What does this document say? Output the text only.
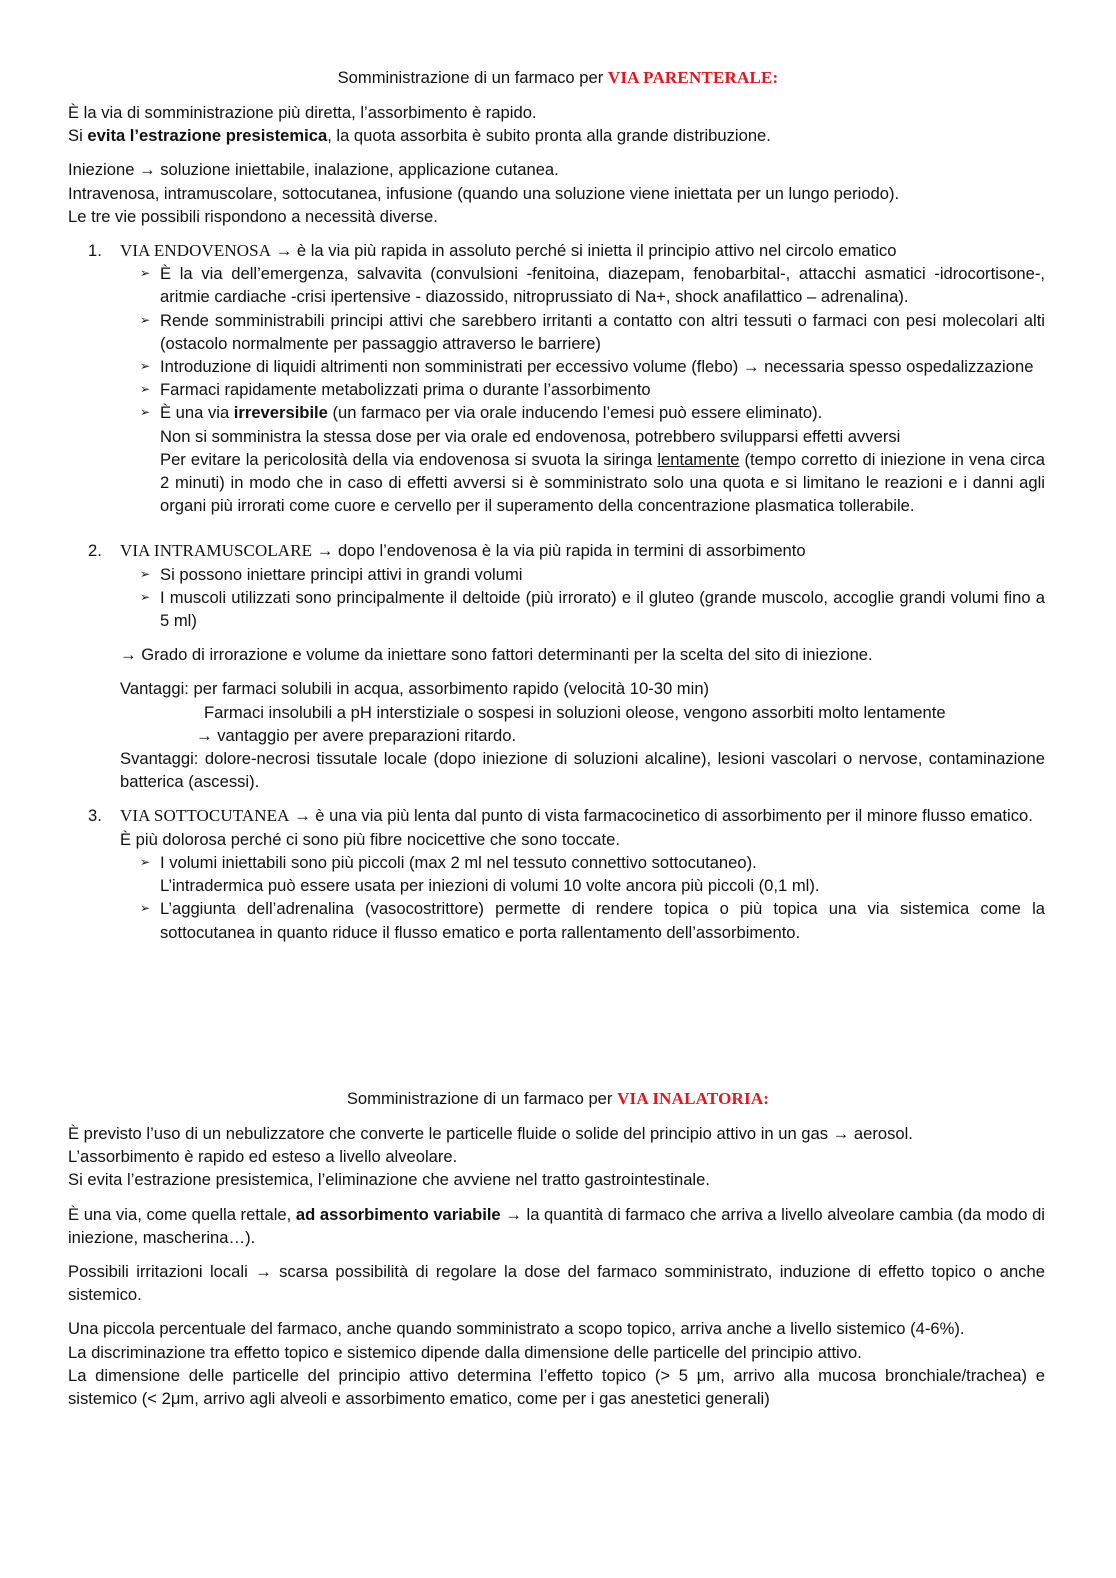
Somministrazione di un farmaco per VIA PARENTERALE:

È la via di somministrazione più diretta, l’assorbimento è rapido.

Si evita l’estrazione presistemica, la quota assorbita è subito pronta alla grande distribuzione.

Iniezione → soluzione iniettabile, inalazione, applicazione cutanea.

Intravenosa, intramuscolare, sottocutanea, infusione (quando una soluzione viene iniettata per un lungo periodo).

Le tre vie possibili rispondono a necessità diverse.

1. VIA ENDOVENOSA → è la via più rapida in assoluto perché si inietta il principio attivo nel circolo ematico
➢ È la via dell’emergenza, salvavita (convulsioni -fenitoina, diazepam, fenobarbital-, attacchi asmatici -idrocortisone-, aritmie cardiache -crisi ipertensive - diazossido, nitroprussiato di Na+, shock anafilattico – adrenalina).
➢ Rende somministrabili principi attivi che sarebbero irritanti a contatto con altri tessuti o farmaci con pesi molecolari alti (ostacolo normalmente per passaggio attraverso le barriere)
➢ Introduzione di liquidi altrimenti non somministrati per eccessivo volume (flebo) → necessaria spesso ospedalizzazione
➢ Farmaci rapidamente metabolizzati prima o durante l’assorbimento
➢ È una via irreversibile (un farmaco per via orale inducendo l’emesi può essere eliminato).
Non si somministra la stessa dose per via orale ed endovenosa, potrebbero svilupparsi effetti avversi
Per evitare la pericolosità della via endovenosa si svuota la siringa lentamente (tempo corretto di iniezione in vena circa 2 minuti) in modo che in caso di effetti avversi si è somministrato solo una quota e si limitano le reazioni e i danni agli organi più irrorati come cuore e cervello per il superamento della concentrazione plasmatica tollerabile.
2. VIA INTRAMUSCOLARE → dopo l’endovenosa è la via più rapida in termini di assorbimento
➢ Si possono iniettare principi attivi in grandi volumi
➢ I muscoli utilizzati sono principalmente il deltoide (più irrorato) e il gluteo (grande muscolo, accoglie grandi volumi fino a 5 ml)
→ Grado di irrorazione e volume da iniettare sono fattori determinanti per la scelta del sito di iniezione.
Vantaggi: per farmaci solubili in acqua, assorbimento rapido (velocità 10-30 min)
Farmaci insolubili a pH interstiziale o sospesi in soluzioni oleose, vengono assorbiti molto lentamente
→ vantaggio per avere preparazioni ritardo.
Svantaggi: dolore-necrosi tissutale locale (dopo iniezione di soluzioni alcaline), lesioni vascolari o nervose, contaminazione batterica (ascessi).
3. VIA SOTTOCUTANEA → è una via più lenta dal punto di vista farmacocinetico di assorbimento per il minore flusso ematico.
È più dolorosa perché ci sono più fibre nocicettive che sono toccate.
➢ I volumi iniettabili sono più piccoli (max 2 ml nel tessuto connettivo sottocutaneo).
L’intradermica può essere usata per iniezioni di volumi 10 volte ancora più piccoli (0,1 ml).
➢ L’aggiunta dell’adrenalina (vasocostrittore) permette di rendere topica o più topica una via sistemica come la sottocutanea in quanto riduce il flusso ematico e porta rallentamento dell’assorbimento.
Somministrazione di un farmaco per VIA INALATORIA:

È previsto l’uso di un nebulizzatore che converte le particelle fluide o solide del principio attivo in un gas → aerosol.

L’assorbimento è rapido ed esteso a livello alveolare.

Si evita l’estrazione presistemica, l’eliminazione che avviene nel tratto gastrointestinale.

È una via, come quella rettale, ad assorbimento variabile → la quantità di farmaco che arriva a livello alveolare cambia (da modo di iniezione, mascherina…).

Possibili irritazioni locali → scarsa possibilità di regolare la dose del farmaco somministrato, induzione di effetto topico o anche sistemico.

Una piccola percentuale del farmaco, anche quando somministrato a scopo topico, arriva anche a livello sistemico (4-6%).

La discriminazione tra effetto topico e sistemico dipende dalla dimensione delle particelle del principio attivo.

La dimensione delle particelle del principio attivo determina l’effetto topico (> 5 μm, arrivo alla mucosa bronchiale/trachea) e sistemico (< 2μm, arrivo agli alveoli e assorbimento ematico, come per i gas anestetici generali)
